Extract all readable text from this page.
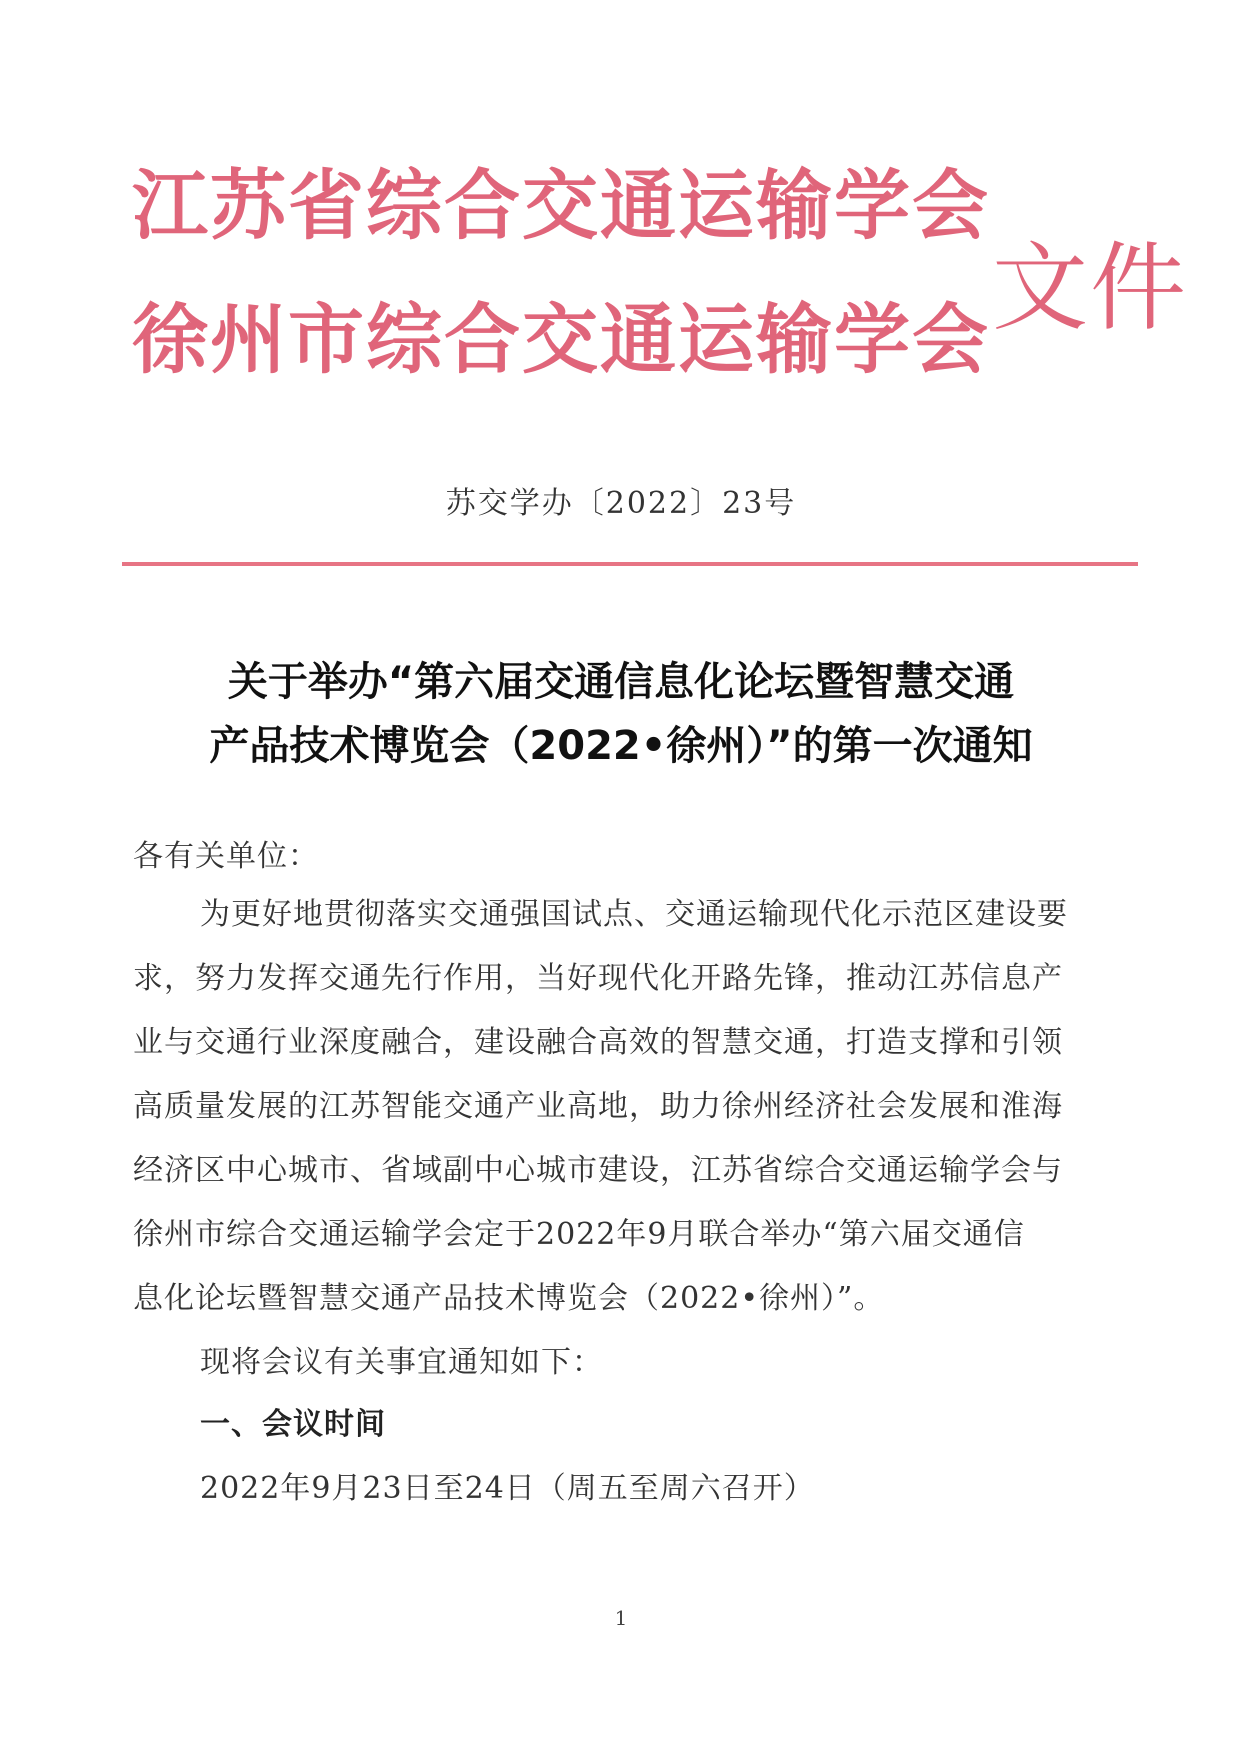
江苏省综合交通运输学会
徐州市综合交通运输学会 文件
苏交学办〔2022〕23号
关于举办“第六届交通信息化论坛暨智慧交通
产品技术博览会（2022•徐州）”的第一次通知
各有关单位：
为更好地贯彻落实交通强国试点、交通运输现代化示范区建设要
求，努力发挥交通先行作用，当好现代化开路先锋，推动江苏信息产
业与交通行业深度融合，建设融合高效的智慧交通，打造支撑和引领
高质量发展的江苏智能交通产业高地，助力徐州经济社会发展和淮海
经济区中心城市、省域副中心城市建设，江苏省综合交通运输学会与
徐州市综合交通运输学会定于2022年9月联合举办“第六届交通信
息化论坛暨智慧交通产品技术博览会（2022•徐州）”。
现将会议有关事宜通知如下：
一、会议时间
2022年9月23日至24日（周五至周六召开）
1
